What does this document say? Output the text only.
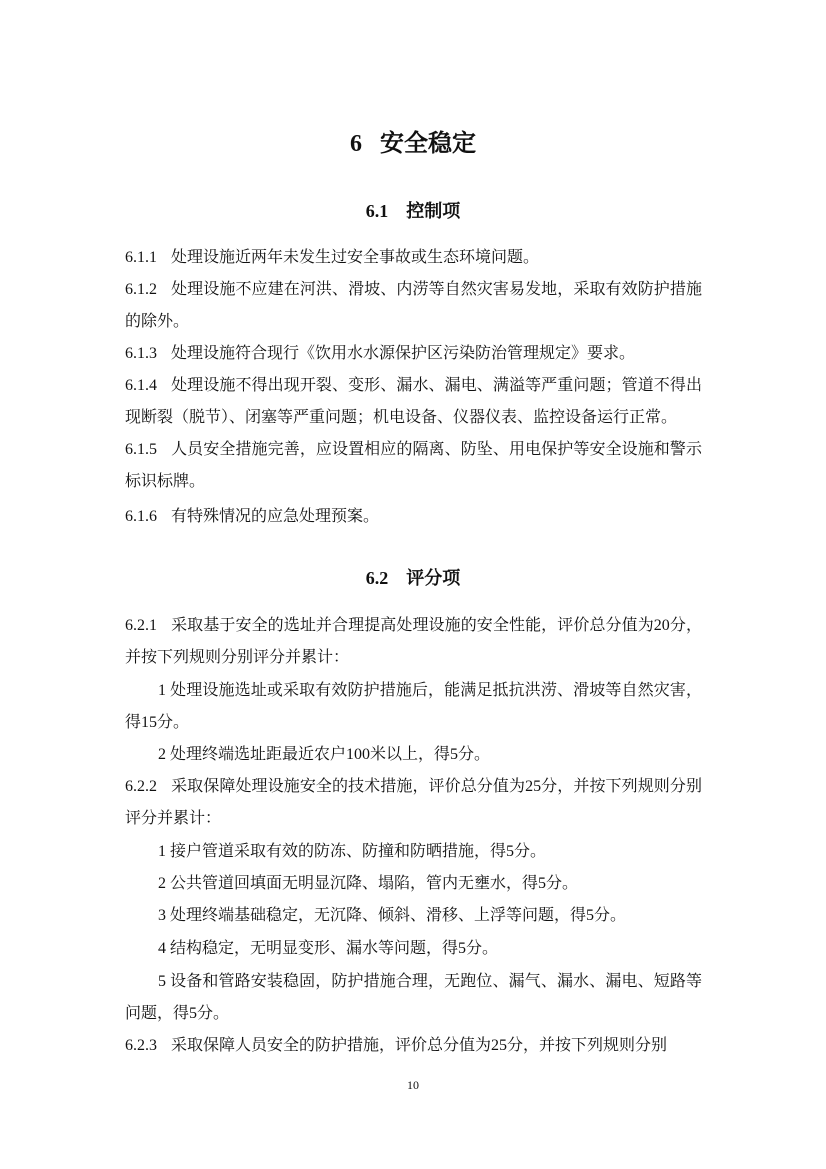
6 安全稳定
6.1 控制项

6.1.1 处理设施近两年未发生过安全事故或生态环境问题。

6.1.2 处理设施不应建在河洪、滑坡、内涝等自然灾害易发地，采取有效防护措施的除外。

6.1.3 处理设施符合现行《饮用水水源保护区污染防治管理规定》要求。

6.1.4 处理设施不得出现开裂、变形、漏水、漏电、满溢等严重问题；管道不得出现断裂（脱节）、闭塞等严重问题；机电设备、仪器仪表、监控设备运行正常。

6.1.5 人员安全措施完善，应设置相应的隔离、防坠、用电保护等安全设施和警示标识标牌。

6.1.6 有特殊情况的应急处理预案。

6.2 评分项

6.2.1 采取基于安全的选址并合理提高处理设施的安全性能，评价总分值为20分，并按下列规则分别评分并累计：

1 处理设施选址或采取有效防护措施后，能满足抵抗洪涝、滑坡等自然灾害，得15分。

2 处理终端选址距最近农户100米以上，得5分。

6.2.2 采取保障处理设施安全的技术措施，评价总分值为25分，并按下列规则分别评分并累计：

1 接户管道采取有效的防冻、防撞和防晒措施，得5分。

2 公共管道回填面无明显沉降、塌陷，管内无壅水，得5分。

3 处理终端基础稳定，无沉降、倾斜、滑移、上浮等问题，得5分。

4 结构稳定，无明显变形、漏水等问题，得5分。

5 设备和管路安装稳固，防护措施合理，无跑位、漏气、漏水、漏电、短路等问题，得5分。

6.2.3 采取保障人员安全的防护措施，评价总分值为25分，并按下列规则分别

10
